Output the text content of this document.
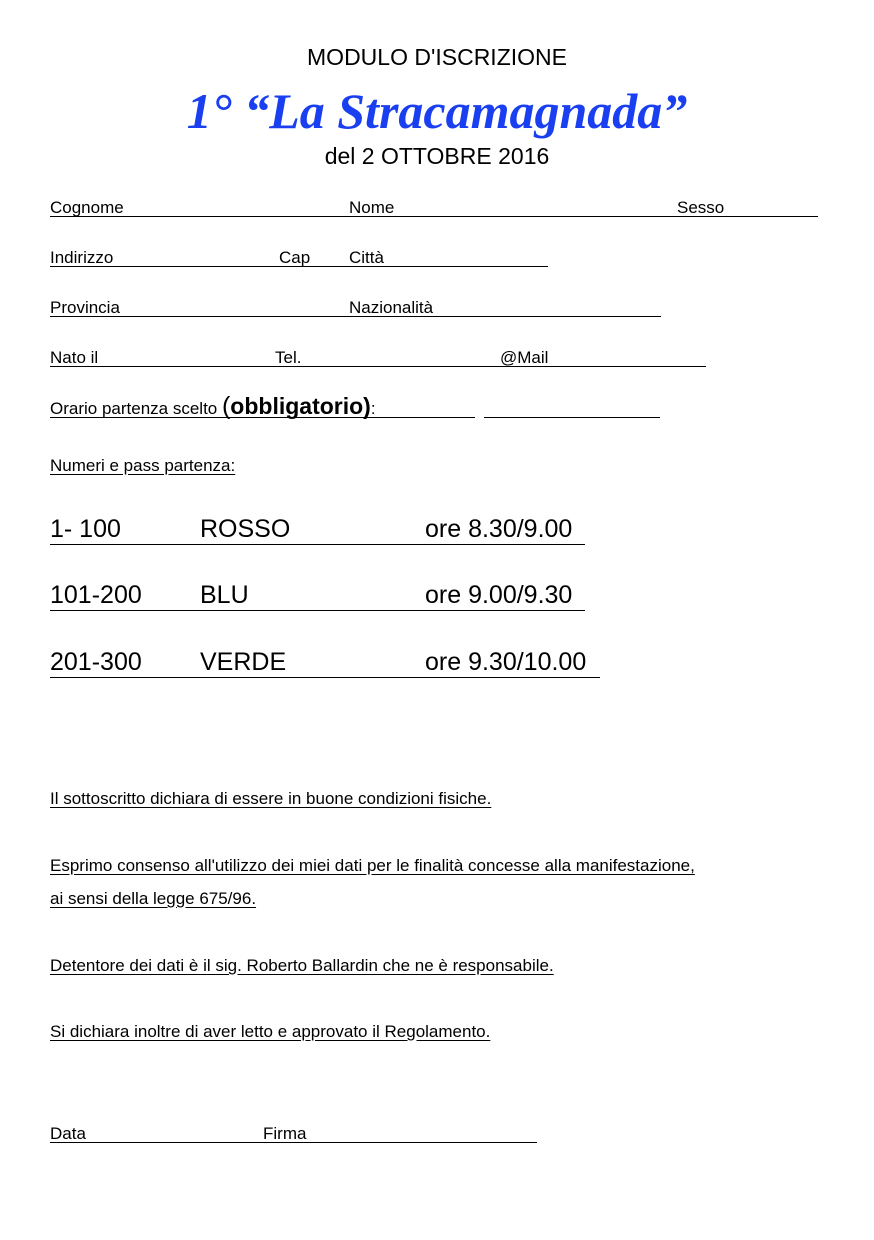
MODULO D'ISCRIZIONE
1° “La Stracamagnada”
del 2 OTTOBRE 2016
Cognome	Nome	Sesso
Indirizzo	Cap Città
Provincia	Nazionalità
Nato il	Tel.	@Mail
Orario partenza scelto (obbligatorio):
Numeri e pass partenza:
1- 100	ROSSO	ore 8.30/9.00
101-200 BLU	ore 9.00/9.30
201-300 VERDE	ore 9.30/10.00
Il sottoscritto dichiara di essere in buone condizioni fisiche.
Esprimo consenso all'utilizzo dei miei dati per le finalità concesse alla manifestazione,
ai sensi della legge 675/96.
Detentore dei dati è il sig. Roberto Ballardin che ne è responsabile.
Si dichiara inoltre di aver letto e approvato il Regolamento.
Data	Firma
